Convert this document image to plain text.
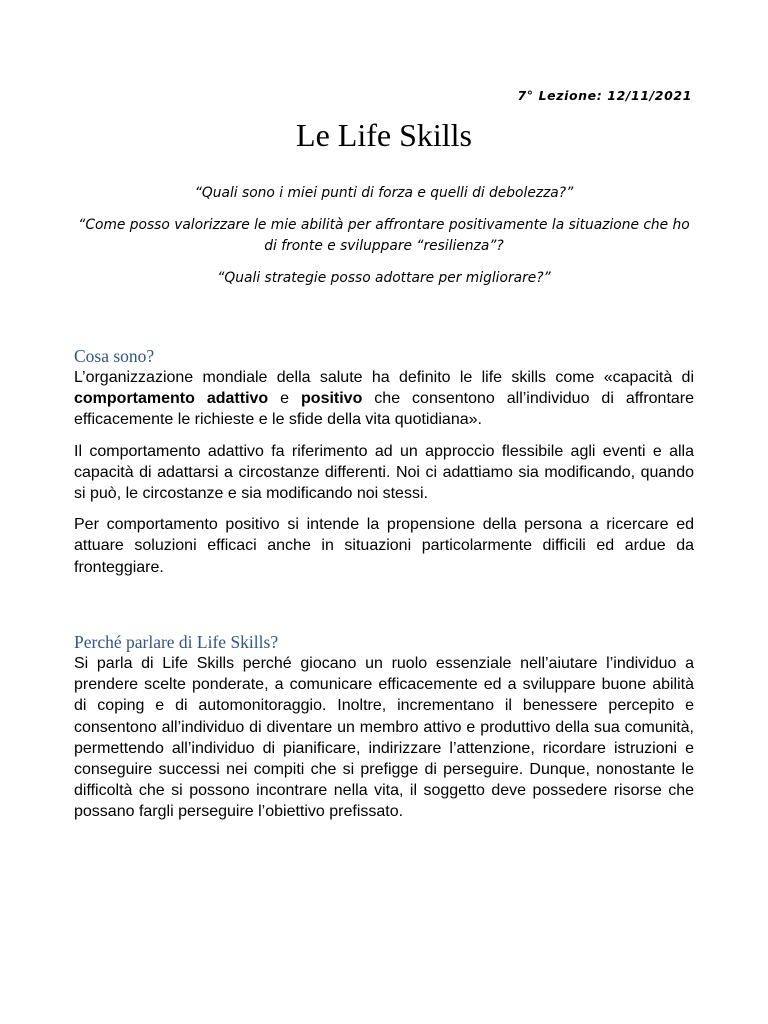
7° Lezione: 12/11/2021
Le Life Skills

“Quali sono i miei punti di forza e quelli di debolezza?”

“Come posso valorizzare le mie abilità per affrontare positivamente la situazione che ho di fronte e sviluppare “resilienza”?

“Quali strategie posso adottare per migliorare?”

Cosa sono?

L’organizzazione mondiale della salute ha definito le life skills come «capacità di comportamento adattivo e positivo che consentono all’individuo di affrontare efficacemente le richieste e le sfide della vita quotidiana».

Il comportamento adattivo fa riferimento ad un approccio flessibile agli eventi e alla capacità di adattarsi a circostanze differenti. Noi ci adattiamo sia modificando, quando si può, le circostanze e sia modificando noi stessi.

Per comportamento positivo si intende la propensione della persona a ricercare ed attuare soluzioni efficaci anche in situazioni particolarmente difficili ed ardue da fronteggiare.

Perché parlare di Life Skills?

Si parla di Life Skills perché giocano un ruolo essenziale nell’aiutare l’individuo a prendere scelte ponderate, a comunicare efficacemente ed a sviluppare buone abilità di coping e di automonitoraggio. Inoltre, incrementano il benessere percepito e consentono all’individuo di diventare un membro attivo e produttivo della sua comunità, permettendo all’individuo di pianificare, indirizzare l’attenzione, ricordare istruzioni e conseguire successi nei compiti che si prefigge di perseguire. Dunque, nonostante le difficoltà che si possono incontrare nella vita, il soggetto deve possedere risorse che possano fargli perseguire l’obiettivo prefissato.
